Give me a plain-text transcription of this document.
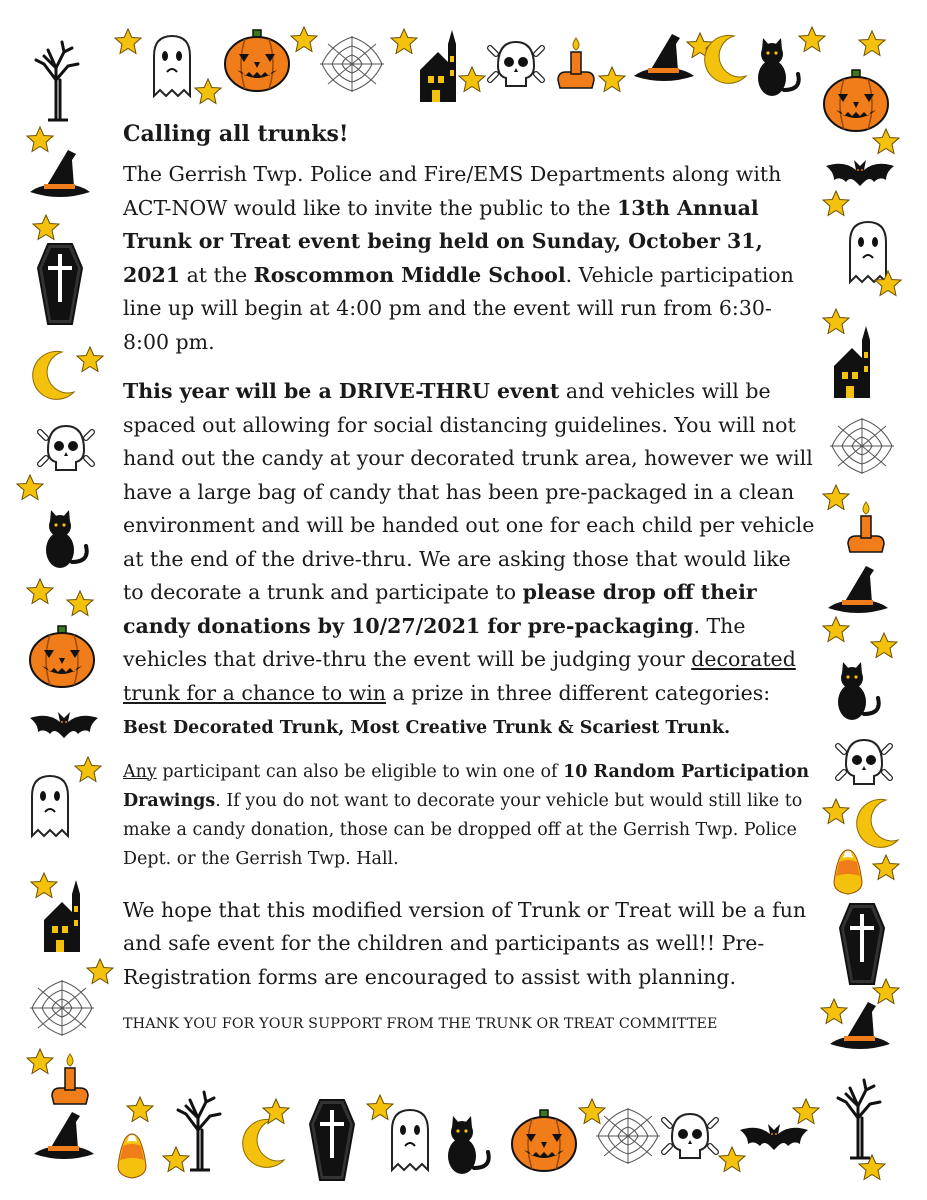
Calling all trunks!

The Gerrish Twp. Police and Fire/EMS Departments along with ACT-NOW would like to invite the public to the 13th Annual Trunk or Treat event being held on Sunday, October 31, 2021 at the Roscommon Middle School. Vehicle participation line up will begin at 4:00 pm and the event will run from 6:30-8:00 pm.

This year will be a DRIVE-THRU event and vehicles will be spaced out allowing for social distancing guidelines. You will not hand out the candy at your decorated trunk area, however we will have a large bag of candy that has been pre-packaged in a clean environment and will be handed out one for each child per vehicle at the end of the drive-thru. We are asking those that would like to decorate a trunk and participate to please drop off their candy donations by 10/27/2021 for pre-packaging. The vehicles that drive-thru the event will be judging your decorated trunk for a chance to win a prize in three different categories: Best Decorated Trunk, Most Creative Trunk & Scariest Trunk.

Any participant can also be eligible to win one of 10 Random Participation Drawings. If you do not want to decorate your vehicle but would still like to make a candy donation, those can be dropped off at the Gerrish Twp. Police Dept. or the Gerrish Twp. Hall.

We hope that this modified version of Trunk or Treat will be a fun and safe event for the children and participants as well!! Pre-Registration forms are encouraged to assist with planning.

THANK YOU FOR YOUR SUPPORT FROM THE TRUNK OR TREAT COMMITTEE
